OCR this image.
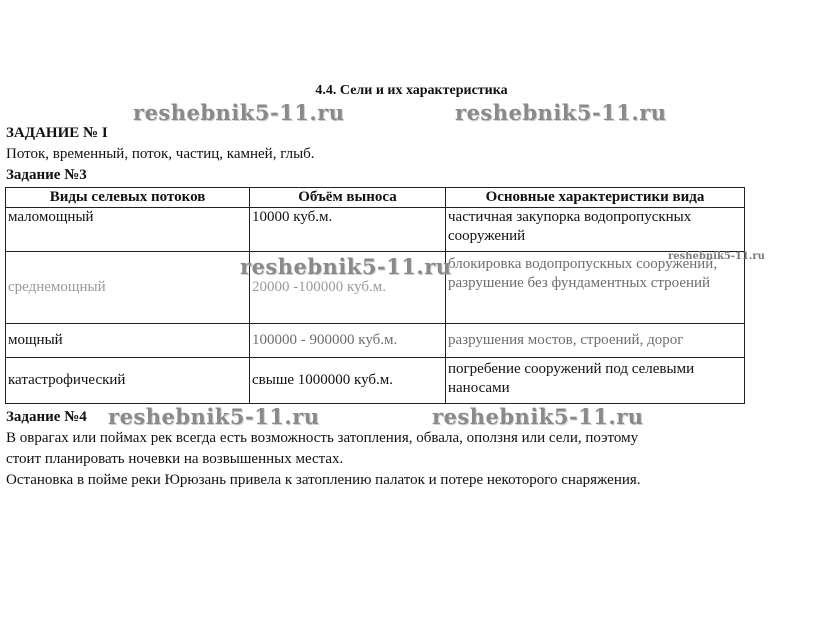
4.4. Сели и их характеристика
reshebnik5-11.ru	reshebnik5-11.ru
ЗАДАНИЕ № I
Поток, временный, поток, частиц, камней, глыб.
Задание №3
Виды селевых потоков	Объём выноса	Основные характеристики вида
маломощный	10000 куб.м.	частичная закупорка водопропускных сооружений
среднемощный	20000 -100000 куб.м.	блокировка водопропускных сооружений, разрушение без фундаментных строений
мощный	100000 - 900000 куб.м.	разрушения мостов, строений, дорог
катастрофический	свыше 1000000 куб.м.	погребение сооружений под селевыми наносами
reshebnik5-11.ru	reshebnik5-11.ru
Задание №4 reshebnik5-11.ru	reshebnik5-11.ru
В оврагах или поймах рек всегда есть возможность затопления, обвала, оползня или сели, поэтому
стоит планировать ночевки на возвышенных местах.
Остановка в пойме реки Юрюзань привела к затоплению палаток и потере некоторого снаряжения.
